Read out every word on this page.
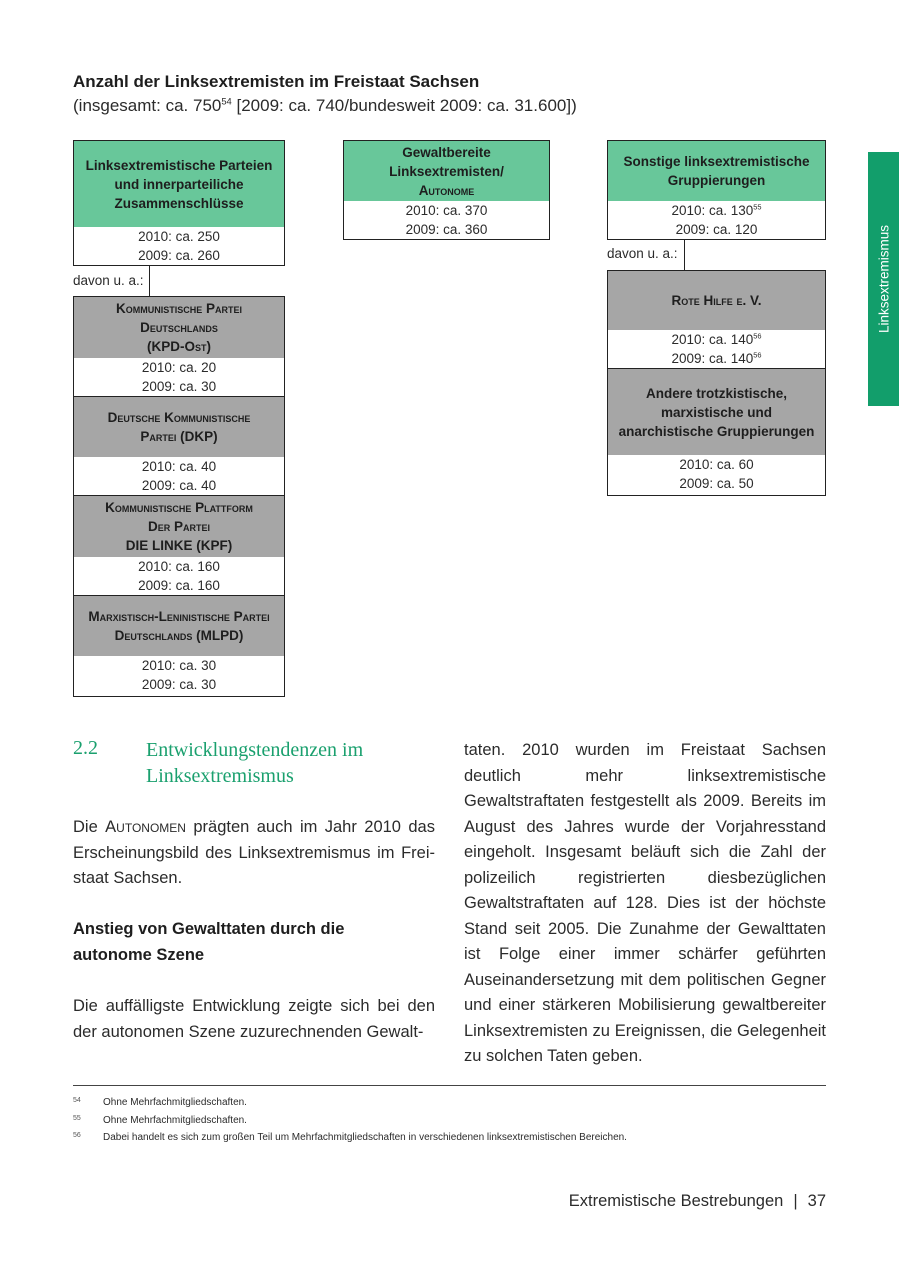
Anzahl der Linksextremisten im Freistaat Sachsen
(insgesamt: ca. $750^{54}$ [2009: ca. 740/bundesweit 2009: ca. 31.600])
Linksextremismus
Linksextremistische Parteien
und innerparteiliche
Zusammenschlüsse
2010: ca. 250
2009: ca. 260
davon u. a.:
Kommunistische Partei
Deutschlands
(KPD-Ost)
2010: ca. 20
2009: ca. 30
Deutsche Kommunistische
Partei (DKP)
2010: ca. 40
2009: ca. 40
Kommunistische Plattform
Der Partei
DIE LINKE (KPF)
2010: ca. 160
2009: ca. 160
Marxistisch-Leninistische Partei
Deutschlands (MLPD)
2010: ca. 30
2009: ca. 30
Gewaltbereite
Linksextremisten/
Autonome
2010: ca. 370
2009: ca. 360
Sonstige linksextremistische
Gruppierungen
2010: ca. $130^{55}$
2009: ca. 120
davon u. a.:
Rote Hilfe e. V.
2010: ca. $140^{56}$
2009: ca. $140^{56}$
Andere trotzkistische,
marxistische und
anarchistische Gruppierungen
2010: ca. 60
2009: ca. 50
2.2 Entwicklungstendenzen im Linksextremismus
Die Autonomen prägten auch im Jahr 2010 das Erscheinungsbild des Linksextremismus im Freistaat Sachsen.
Anstieg von Gewalttaten durch die autonome Szene
Die auffälligste Entwicklung zeigte sich bei den der autonomen Szene zuzurechnenden Gewalt-
taten. 2010 wurden im Freistaat Sachsen deutlich mehr linksextremistische Gewaltstraftaten festgestellt als 2009. Bereits im August des Jahres wurde der Vorjahresstand eingeholt. Insgesamt beläuft sich die Zahl der polizeilich registrierten diesbezüglichen Gewaltstraftaten auf 128. Dies ist der höchste Stand seit 2005. Die Zunahme der Gewalttaten ist Folge einer immer schärfer geführten Auseinandersetzung mit dem politischen Gegner und einer stärkeren Mobilisierung gewaltbereiter Linksextremisten zu Ereignissen, die Gelegenheit zu solchen Taten geben.
54 Ohne Mehrfachmitgliedschaften.
55 Ohne Mehrfachmitgliedschaften.
56 Dabei handelt es sich zum großen Teil um Mehrfachmitgliedschaften in verschiedenen linksextremistischen Bereichen.
Extremistische Bestrebungen | 37
